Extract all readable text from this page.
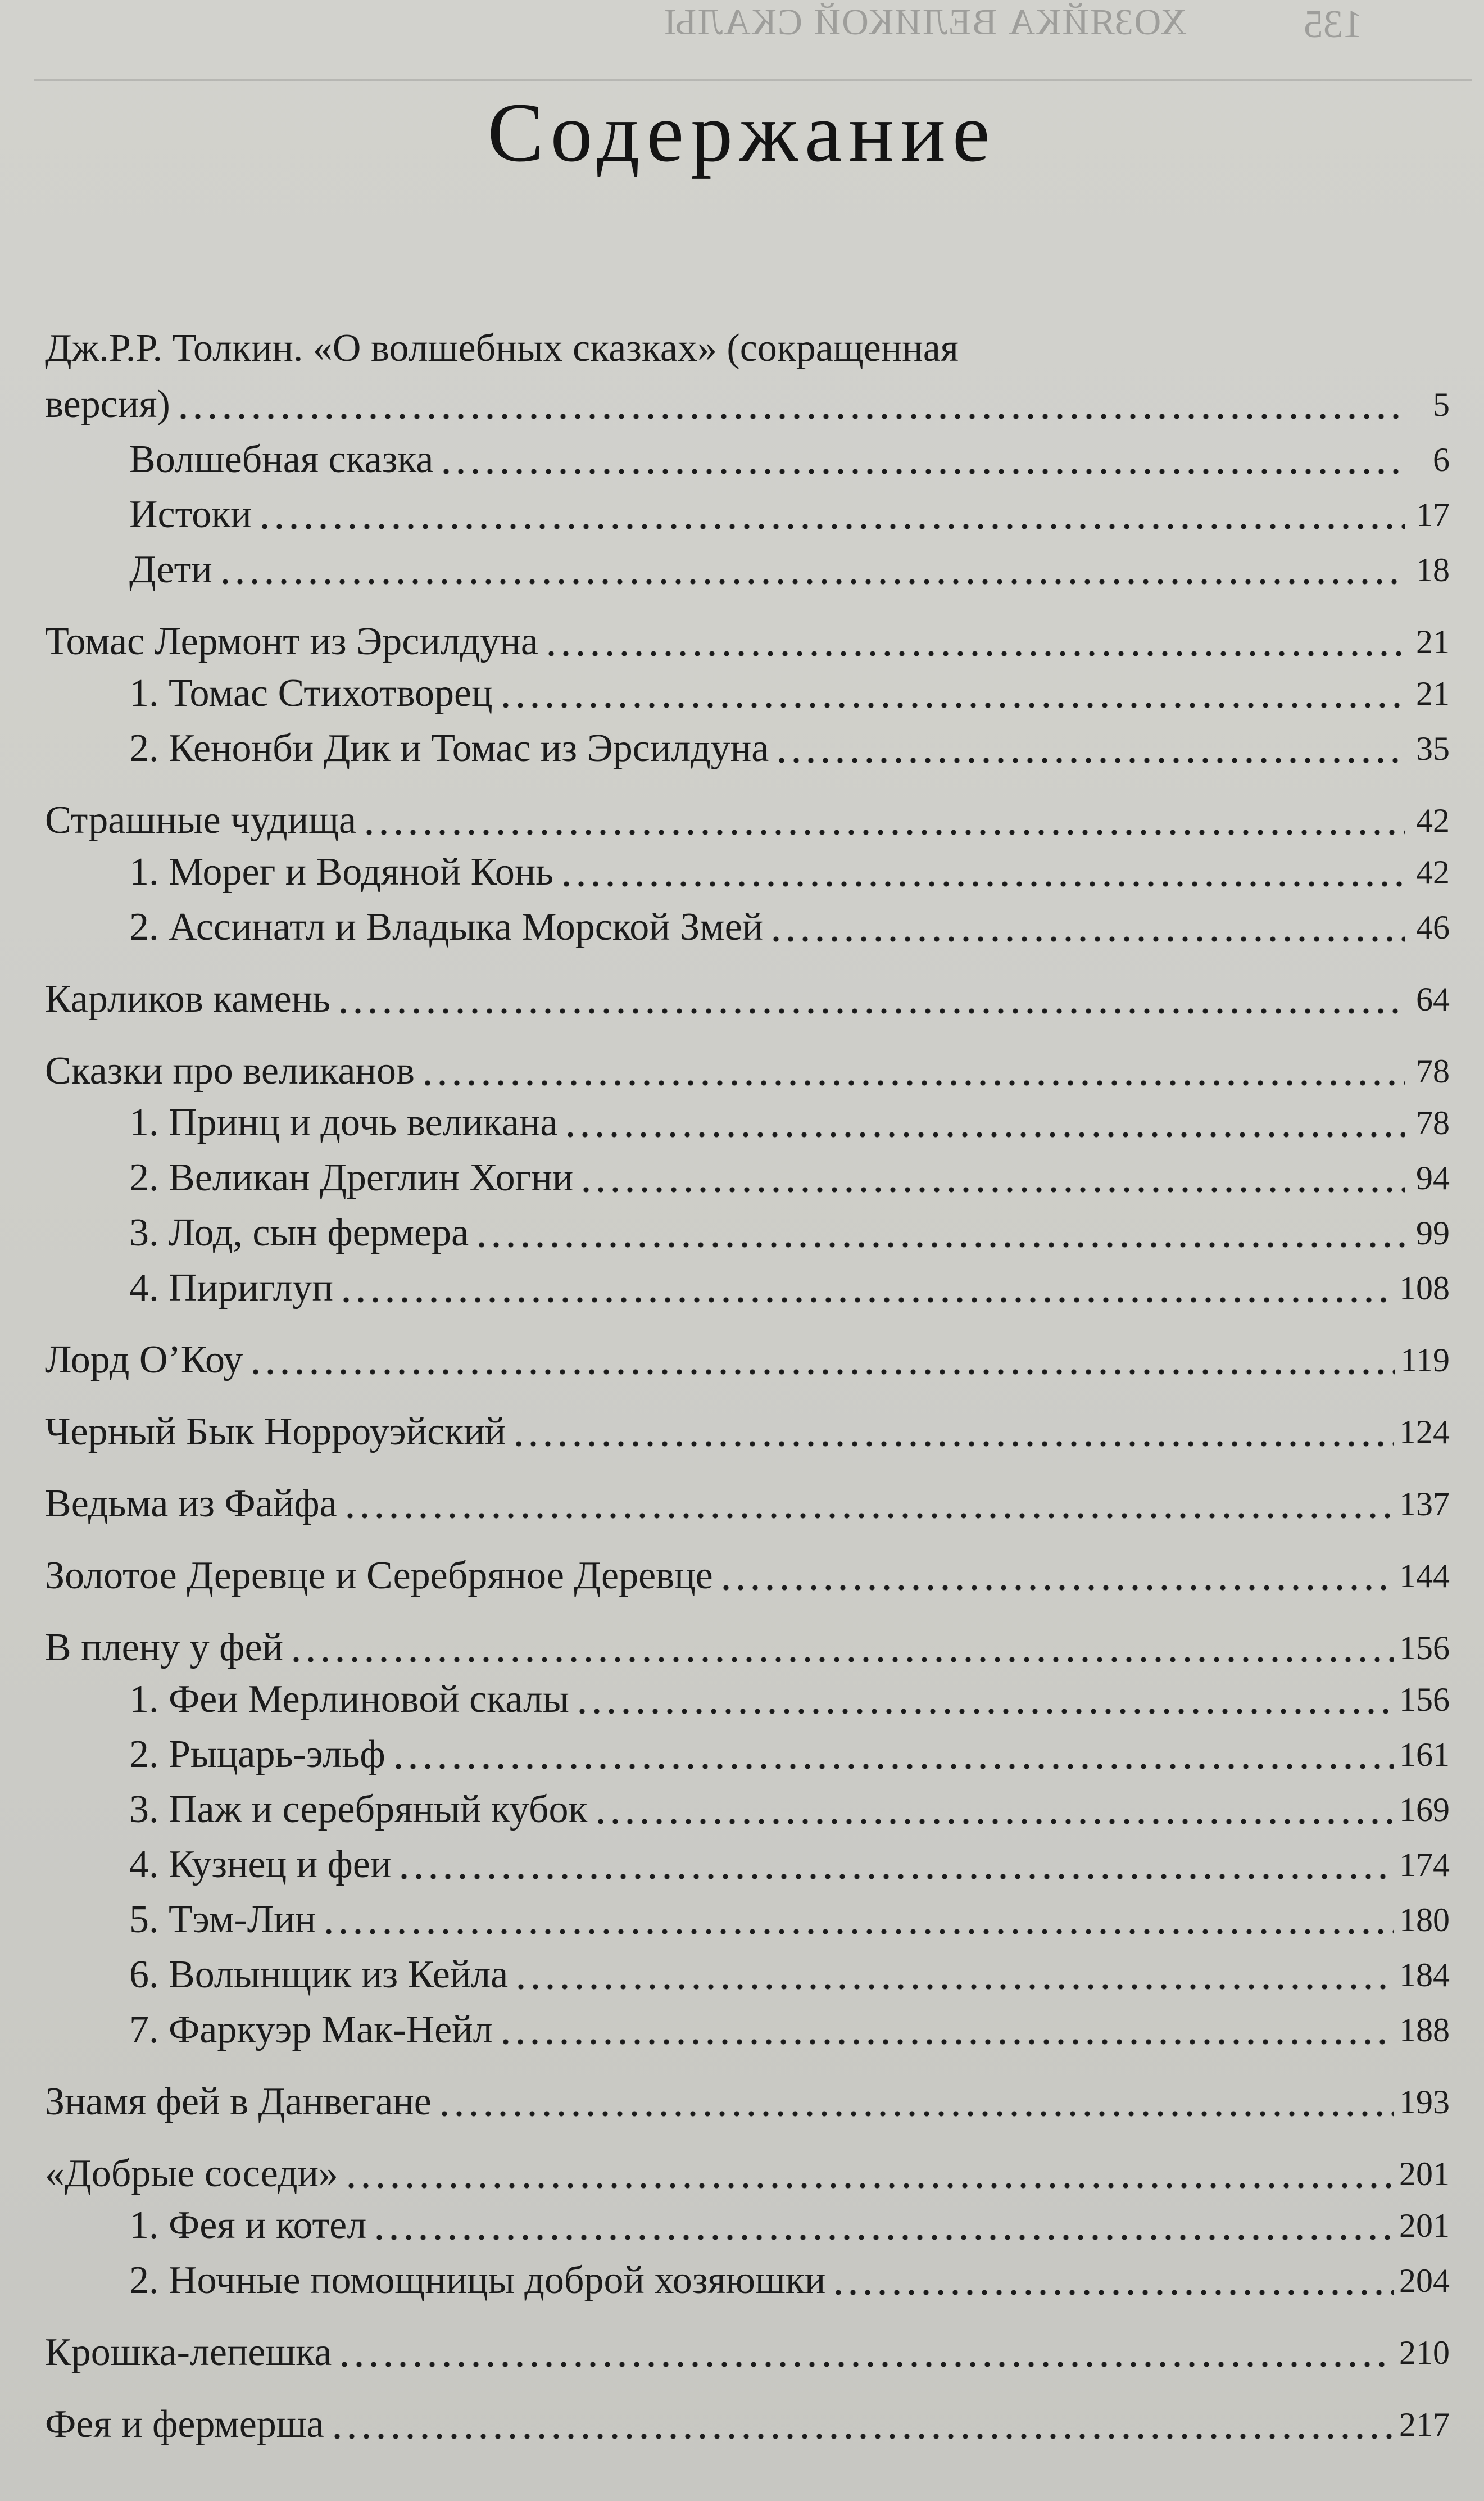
ХОЗЯЙКА ВЕЛИКОЙ СКАЛЫ	135
Содержание
Дж.Р.Р. Толкин. «О волшебных сказках» (сокращенная
версия)	5
Волшебная сказка	6
Истоки	17
Дети	18
Томас Лермонт из Эрсилдуна	21
1. Томас Стихотворец	21
2. Кенонби Дик и Томас из Эрсилдуна	35
Страшные чудища	42
1. Морег и Водяной Конь	42
2. Ассинатл и Владыка Морской Змей	46
Карликов камень	64
Сказки про великанов	78
1. Принц и дочь великана	78
2. Великан Дреглин Хогни	94
3. Лод, сын фермера	99
4. Пириглуп	108
Лорд О’Коу	119
Черный Бык Норроуэйский	124
Ведьма из Файфа	137
Золотое Деревце и Серебряное Деревце	144
В плену у фей	156
1. Феи Мерлиновой скалы	156
2. Рыцарь-эльф	161
3. Паж и серебряный кубок	169
4. Кузнец и феи	174
5. Тэм-Лин	180
6. Волынщик из Кейла	184
7. Фаркуэр Мак-Нейл	188
Знамя фей в Данвегане	193
«Добрые соседи»	201
1. Фея и котел	201
2. Ночные помощницы доброй хозяюшки	204
Крошка-лепешка	210
Фея и фермерша	217
